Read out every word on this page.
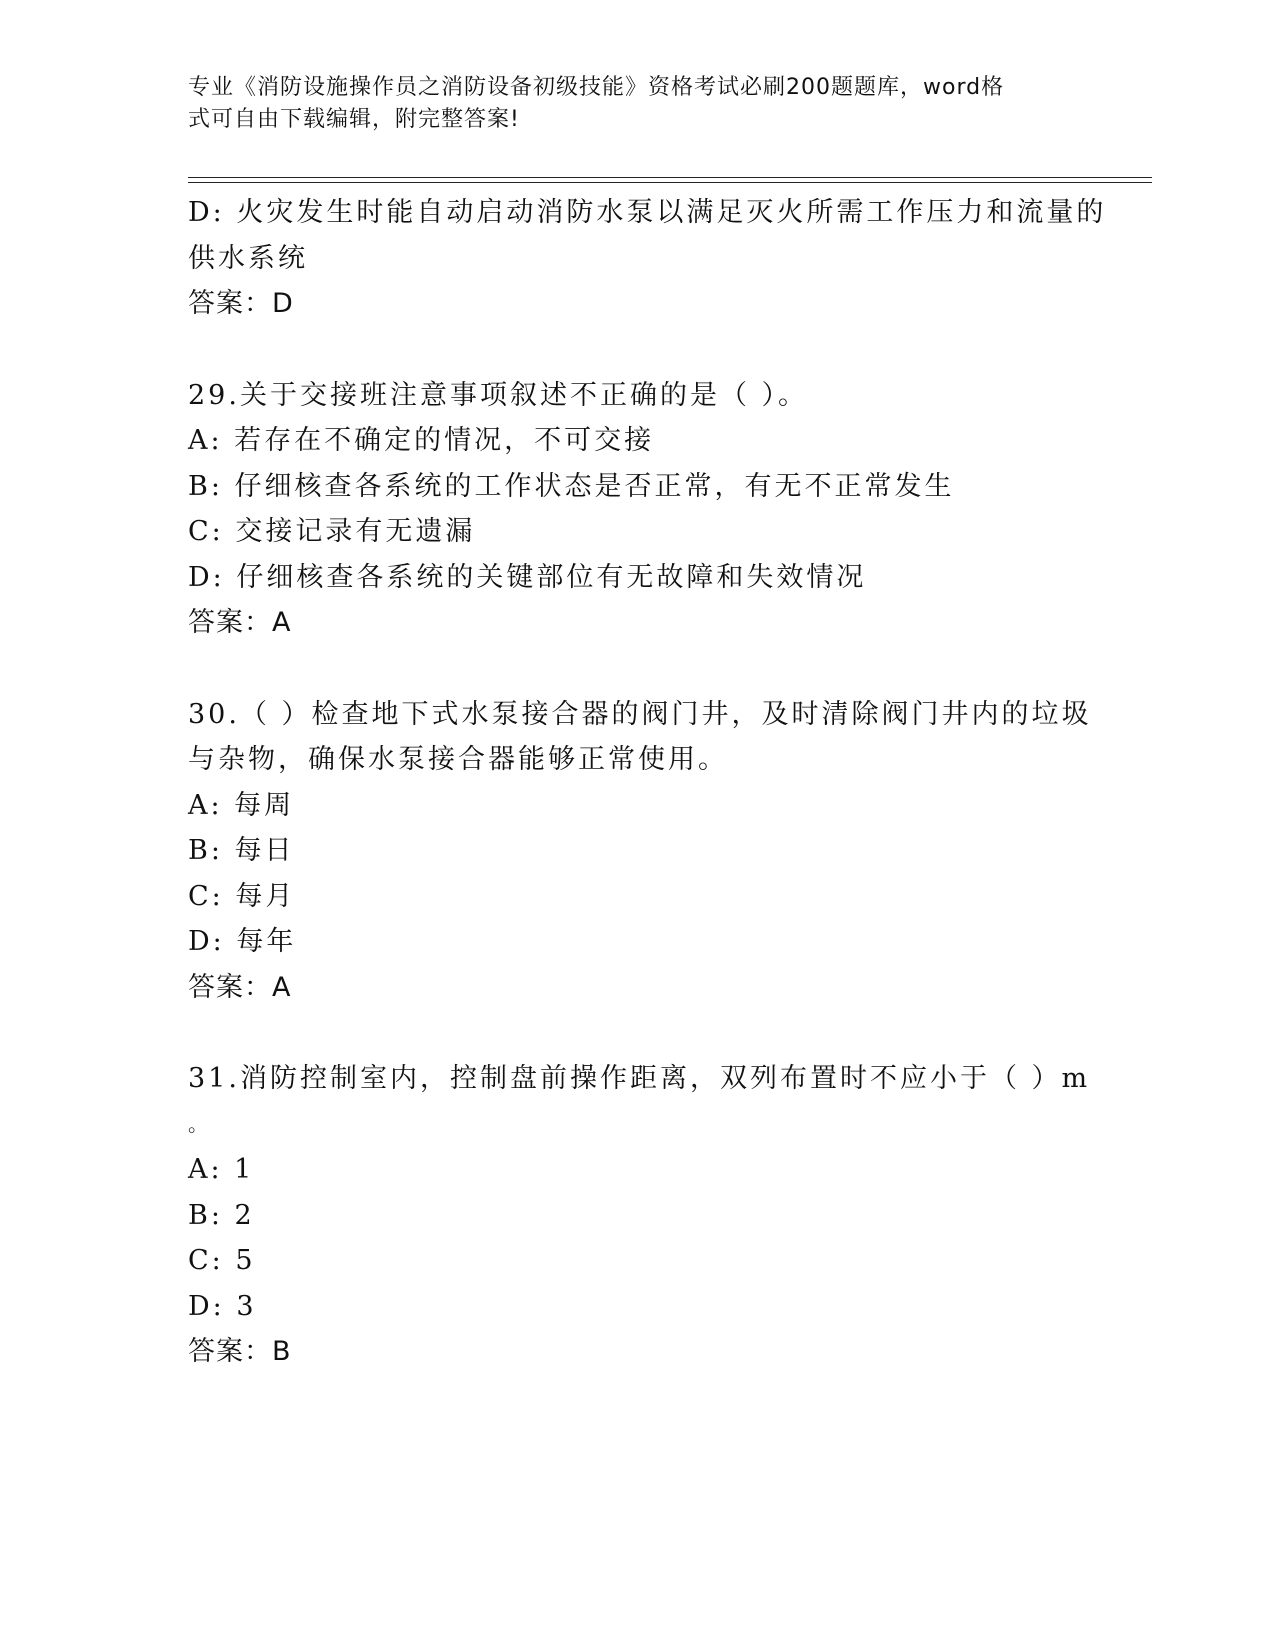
专业《消防设施操作员之消防设备初级技能》资格考试必刷200题题库，word格
式可自由下载编辑，附完整答案!
D: 火灾发生时能自动启动消防水泵以满足灭火所需工作压力和流量的
供水系统
答案：D
29.关于交接班注意事项叙述不正确的是（ ）。
A: 若存在不确定的情况，不可交接
B: 仔细核查各系统的工作状态是否正常，有无不正常发生
C: 交接记录有无遗漏
D: 仔细核查各系统的关键部位有无故障和失效情况
答案：A
30.（ ）检查地下式水泵接合器的阀门井，及时清除阀门井内的垃圾
与杂物，确保水泵接合器能够正常使用。
A: 每周
B: 每日
C: 每月
D: 每年
答案：A
31.消防控制室内，控制盘前操作距离，双列布置时不应小于（ ）m
。
A: 1
B: 2
C: 5
D: 3
答案：B
